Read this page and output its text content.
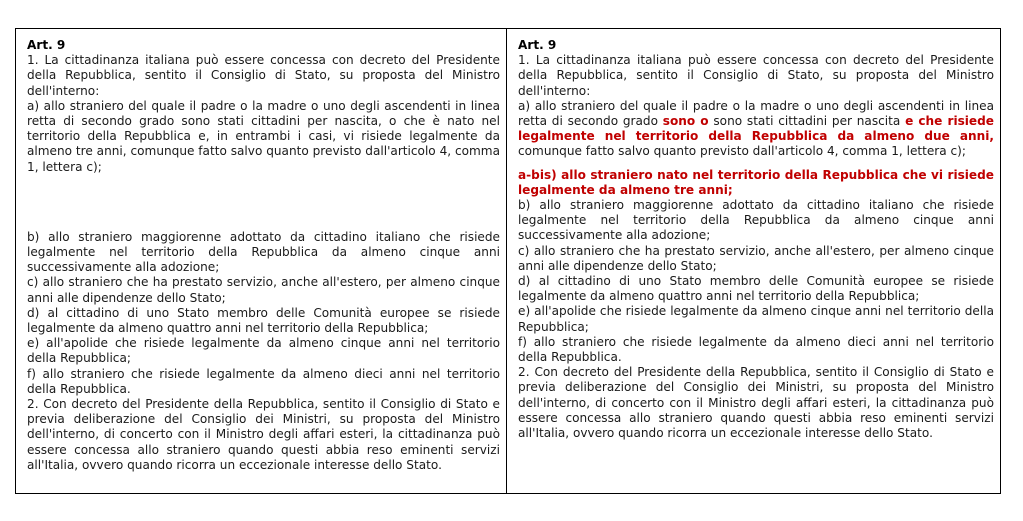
Art. 9

1. La cittadinanza italiana può essere concessa con decreto del Presidente della Repubblica, sentito il Consiglio di Stato, su proposta del Ministro dell'interno:

a) allo straniero del quale il padre o la madre o uno degli ascendenti in linea retta di secondo grado sono stati cittadini per nascita, o che è nato nel territorio della Repubblica e, in entrambi i casi, vi risiede legalmente da almeno tre anni, comunque fatto salvo quanto previsto dall'articolo 4, comma 1, lettera c);

b) allo straniero maggiorenne adottato da cittadino italiano che risiede legalmente nel territorio della Repubblica da almeno cinque anni successivamente alla adozione;

c) allo straniero che ha prestato servizio, anche all'estero, per almeno cinque anni alle dipendenze dello Stato;

d) al cittadino di uno Stato membro delle Comunità europee se risiede legalmente da almeno quattro anni nel territorio della Repubblica;

e) all'apolide che risiede legalmente da almeno cinque anni nel territorio della Repubblica;

f) allo straniero che risiede legalmente da almeno dieci anni nel territorio della Repubblica.

2. Con decreto del Presidente della Repubblica, sentito il Consiglio di Stato e previa deliberazione del Consiglio dei Ministri, su proposta del Ministro dell'interno, di concerto con il Ministro degli affari esteri, la cittadinanza può essere concessa allo straniero quando questi abbia reso eminenti servizi all'Italia, ovvero quando ricorra un eccezionale interesse dello Stato.

Art. 9

1. La cittadinanza italiana può essere concessa con decreto del Presidente della Repubblica, sentito il Consiglio di Stato, su proposta del Ministro dell'interno:

a) allo straniero del quale il padre o la madre o uno degli ascendenti in linea retta di secondo grado sono o sono stati cittadini per nascita e che risiede legalmente nel territorio della Repubblica da almeno due anni, comunque fatto salvo quanto previsto dall'articolo 4, comma 1, lettera c);

a-bis) allo straniero nato nel territorio della Repubblica che vi risiede legalmente da almeno tre anni;

b) allo straniero maggiorenne adottato da cittadino italiano che risiede legalmente nel territorio della Repubblica da almeno cinque anni successivamente alla adozione;

c) allo straniero che ha prestato servizio, anche all'estero, per almeno cinque anni alle dipendenze dello Stato;

d) al cittadino di uno Stato membro delle Comunità europee se risiede legalmente da almeno quattro anni nel territorio della Repubblica;

e) all'apolide che risiede legalmente da almeno cinque anni nel territorio della Repubblica;

f) allo straniero che risiede legalmente da almeno dieci anni nel territorio della Repubblica.

2. Con decreto del Presidente della Repubblica, sentito il Consiglio di Stato e previa deliberazione del Consiglio dei Ministri, su proposta del Ministro dell'interno, di concerto con il Ministro degli affari esteri, la cittadinanza può essere concessa allo straniero quando questi abbia reso eminenti servizi all'Italia, ovvero quando ricorra un eccezionale interesse dello Stato.
